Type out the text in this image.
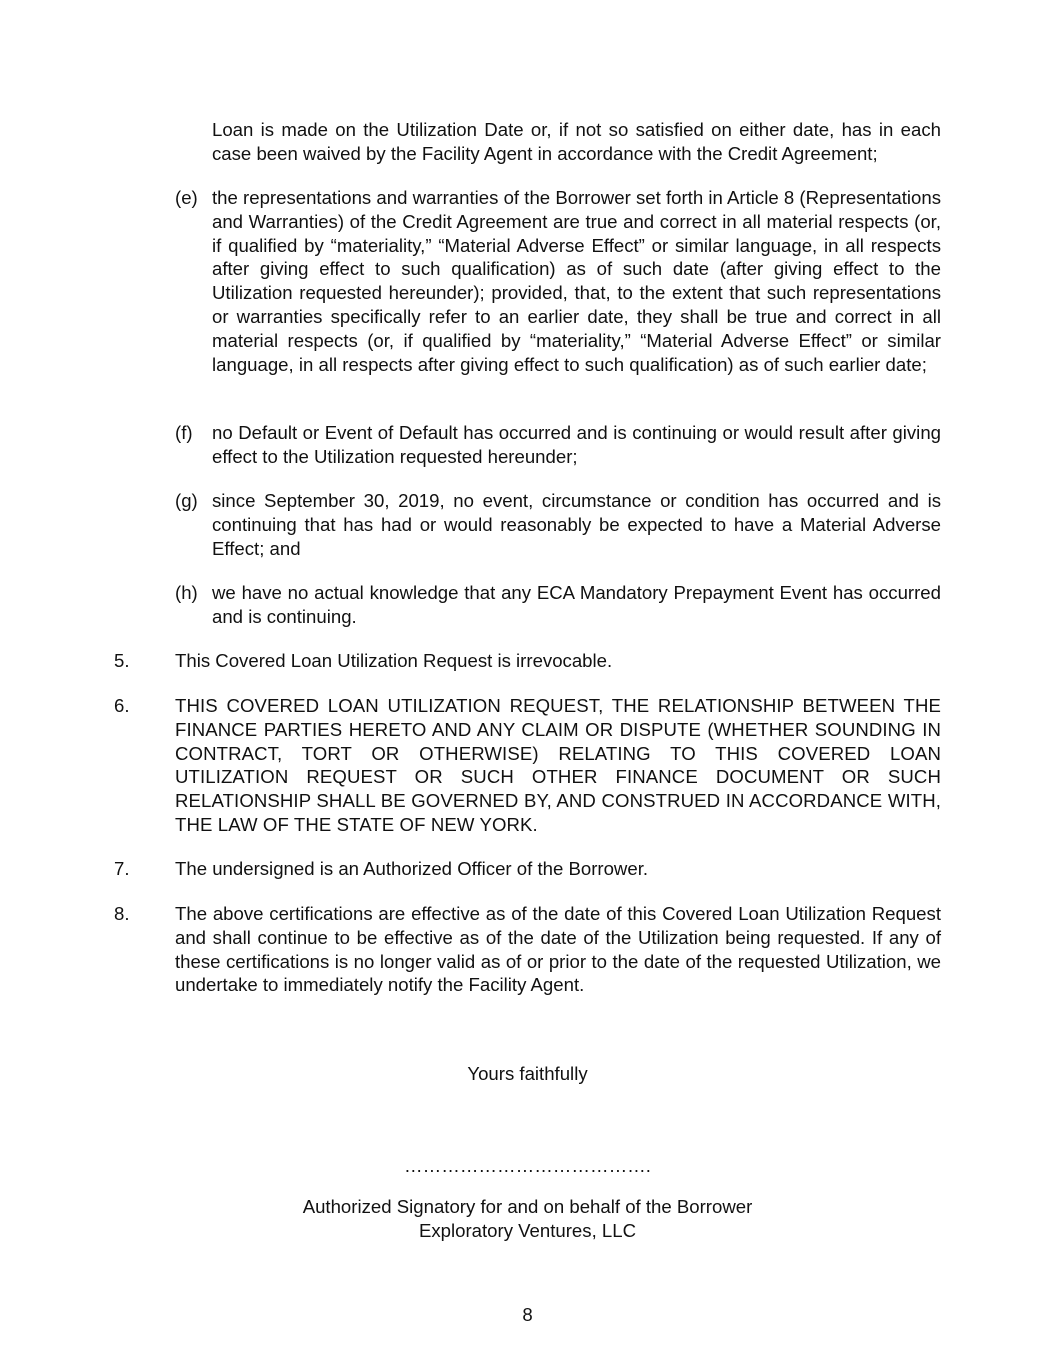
Loan is made on the Utilization Date or, if not so satisfied on either date, has in each case been waived by the Facility Agent in accordance with the Credit Agreement;

(e) the representations and warranties of the Borrower set forth in Article 8 (Representations and Warranties) of the Credit Agreement are true and correct in all material respects (or, if qualified by “materiality,” “Material Adverse Effect” or similar language, in all respects after giving effect to such qualification) as of such date (after giving effect to the Utilization requested hereunder); provided, that, to the extent that such representations or warranties specifically refer to an earlier date, they shall be true and correct in all material respects (or, if qualified by “materiality,” “Material Adverse Effect” or similar language, in all respects after giving effect to such qualification) as of such earlier date;
(f) no Default or Event of Default has occurred and is continuing or would result after giving effect to the Utilization requested hereunder;
(g) since September 30, 2019, no event, circumstance or condition has occurred and is continuing that has had or would reasonably be expected to have a Material Adverse Effect; and
(h) we have no actual knowledge that any ECA Mandatory Prepayment Event has occurred and is continuing.
5. This Covered Loan Utilization Request is irrevocable.
6. THIS COVERED LOAN UTILIZATION REQUEST, THE RELATIONSHIP BETWEEN THE FINANCE PARTIES HERETO AND ANY CLAIM OR DISPUTE (WHETHER SOUNDING IN CONTRACT, TORT OR OTHERWISE) RELATING TO THIS COVERED LOAN UTILIZATION REQUEST OR SUCH OTHER FINANCE DOCUMENT OR SUCH RELATIONSHIP SHALL BE GOVERNED BY, AND CONSTRUED IN ACCORDANCE WITH, THE LAW OF THE STATE OF NEW YORK.
7. The undersigned is an Authorized Officer of the Borrower.
8. The above certifications are effective as of the date of this Covered Loan Utilization Request and shall continue to be effective as of the date of the Utilization being requested. If any of these certifications is no longer valid as of or prior to the date of the requested Utilization, we undertake to immediately notify the Facility Agent.
Yours faithfully
………………………………….
Authorized Signatory for and on behalf of the Borrower
Exploratory Ventures, LLC
8
